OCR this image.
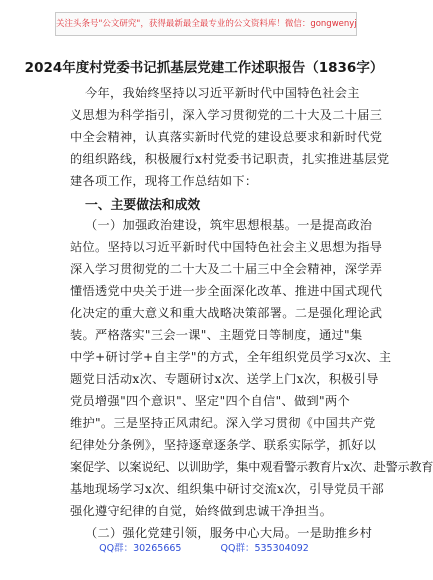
关注头条号"公文研究"，获得最新最全最专业的公文资料库！微信：gongwenyj
2024年度村党委书记抓基层党建工作述职报告（1836字）
今年，我始终坚持以习近平新时代中国特色社会主
义思想为科学指引，深入学习贯彻党的二十大及二十届三
中全会精神，认真落实新时代党的建设总要求和新时代党
的组织路线，积极履行x村党委书记职责，扎实推进基层党
建各项工作，现将工作总结如下：
一、主要做法和成效
（一）加强政治建设，筑牢思想根基。一是提高政治
站位。坚持以习近平新时代中国特色社会主义思想为指导
深入学习贯彻党的二十大及二十届三中全会精神，深学弄
懂悟透党中央关于进一步全面深化改革、推进中国式现代
化决定的重大意义和重大战略决策部署。二是强化理论武
装。严格落实"三会一课"、主题党日等制度，通过"集
中学+研讨学+自主学"的方式，全年组织党员学习x次、主
题党日活动x次、专题研讨x次、送学上门x次，积极引导
党员增强"四个意识"、坚定"四个自信"、做到"两个
维护"。三是坚持正风肃纪。深入学习贯彻《中国共产党
纪律处分条例》，坚持逐章逐条学、联系实际学，抓好以
案促学、以案说纪、以训助学，集中观看警示教育片x次、赴警示教育
基地现场学习x次、组织集中研讨交流x次，引导党员干部
强化遵守纪律的自觉，始终做到忠诚干净担当。
（二）强化党建引领，服务中心大局。一是助推乡村
QQ群：30265665	QQ群：535304092
